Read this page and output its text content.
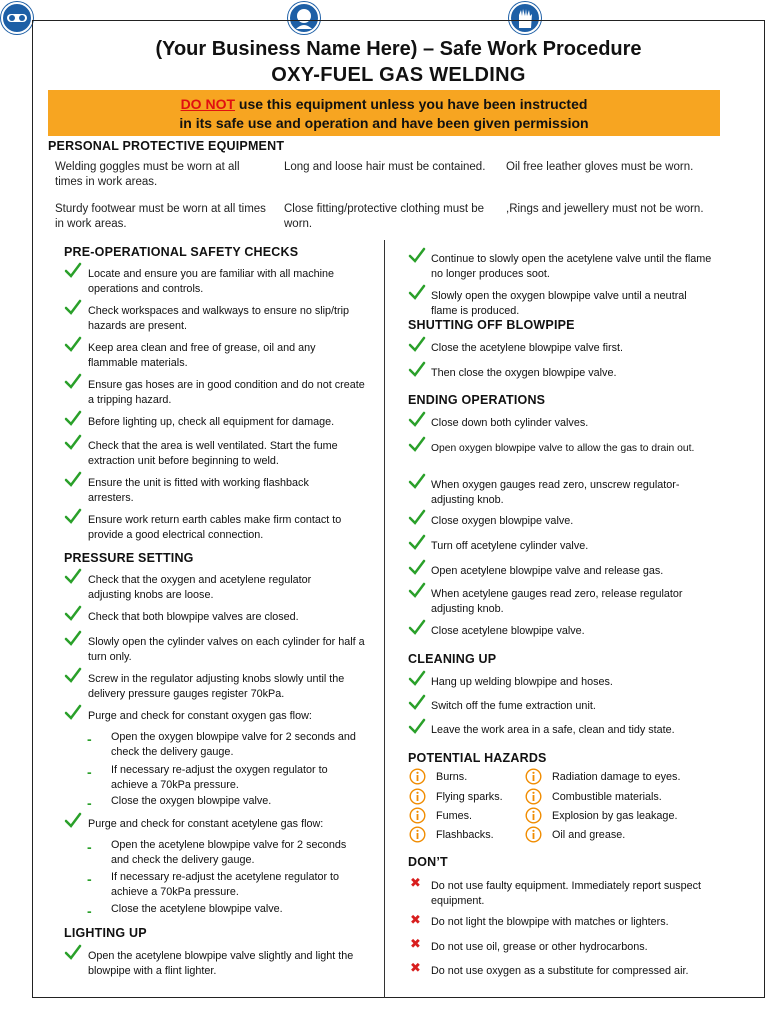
(Your Business Name Here) – Safe Work Procedure
OXY-FUEL GAS WELDING
DO NOT use this equipment unless you have been instructed
in its safe use and operation and have been given permission
PERSONAL PROTECTIVE EQUIPMENT
Welding goggles must be worn at all times in work areas.
Long and loose hair must be contained.	Oil free leather gloves must be worn.
Sturdy footwear must be worn at all times in work areas.
Close fitting/protective clothing must be worn.
,Rings and jewellery must not be worn.
PRE-OPERATIONAL SAFETY CHECKS
Locate and ensure you are familiar with all machine operations and controls.
Check workspaces and walkways to ensure no slip/trip hazards are present.
Keep area clean and free of grease, oil and any flammable materials.
Ensure gas hoses are in good condition and do not create a tripping hazard.
Before lighting up, check all equipment for damage.
Check that the area is well ventilated. Start the fume extraction unit before beginning to weld.
Ensure the unit is fitted with working flashback arresters.
Ensure work return earth cables make firm contact to provide a good electrical connection.
PRESSURE SETTING
Check that the oxygen and acetylene regulator adjusting knobs are loose.
Check that both blowpipe valves are closed.
Slowly open the cylinder valves on each cylinder for half a turn only.
Screw in the regulator adjusting knobs slowly until the delivery pressure gauges register 70kPa.
Purge and check for constant oxygen gas flow:
- Open the oxygen blowpipe valve for 2 seconds and check the delivery gauge.
- If necessary re-adjust the oxygen regulator to achieve a 70kPa pressure.
- Close the oxygen blowpipe valve.
Purge and check for constant acetylene gas flow:
- Open the acetylene blowpipe valve for 2 seconds and check the delivery gauge.
- If necessary re-adjust the acetylene regulator to achieve a 70kPa pressure.
- Close the acetylene blowpipe valve.
LIGHTING UP
Open the acetylene blowpipe valve slightly and light the blowpipe with a flint lighter.
Continue to slowly open the acetylene valve until the flame no longer produces soot.
Slowly open the oxygen blowpipe valve until a neutral flame is produced.
SHUTTING OFF BLOWPIPE
Close the acetylene blowpipe valve first.
Then close the oxygen blowpipe valve.
ENDING OPERATIONS
Close down both cylinder valves.
Open oxygen blowpipe valve to allow the gas to drain out.
When oxygen gauges read zero, unscrew regulator-adjusting knob.
Close oxygen blowpipe valve.
Turn off acetylene cylinder valve.
Open acetylene blowpipe valve and release gas.
When acetylene gauges read zero, release regulator adjusting knob.
Close acetylene blowpipe valve.
CLEANING UP
Hang up welding blowpipe and hoses.
Switch off the fume extraction unit.
Leave the work area in a safe, clean and tidy state.
POTENTIAL HAZARDS
Burns.
Flying sparks.
Fumes.
Flashbacks.
Radiation damage to eyes.
Combustible materials.
Explosion by gas leakage.
Oil and grease.
DON’T
✖ Do not use faulty equipment. Immediately report suspect equipment.
✖ Do not light the blowpipe with matches or lighters.
✖ Do not use oil, grease or other hydrocarbons.
✖ Do not use oxygen as a substitute for compressed air.
